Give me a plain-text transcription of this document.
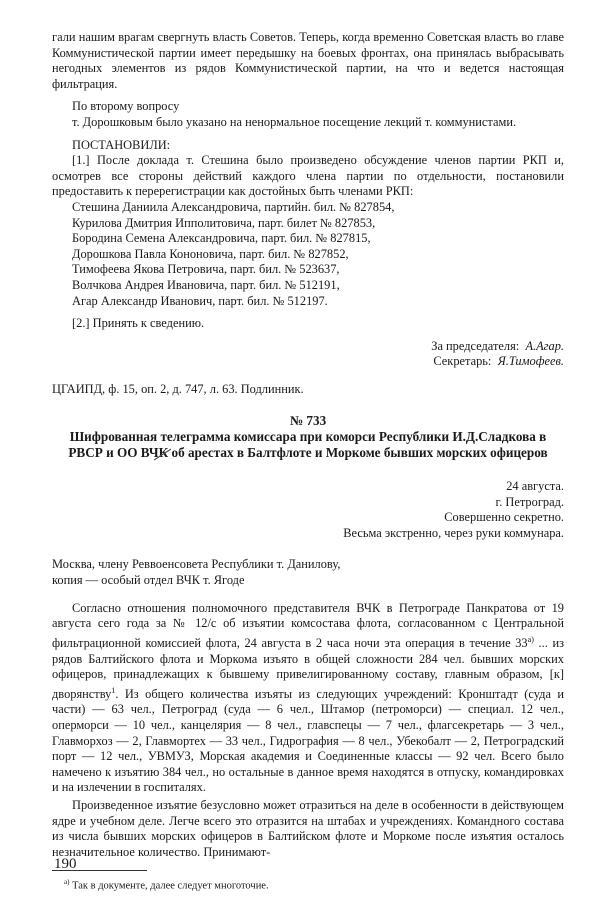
гали нашим врагам свергнуть власть Советов. Теперь, когда временно Советская власть во главе Коммунистической партии имеет передышку на боевых фронтах, она принялась выбрасывать негодных элементов из рядов Коммунистической партии, на что и ведется настоящая фильтрация.

По второму вопросу

т. Дорошковым было указано на ненормальное посещение лекций т. коммунистами.

ПОСТАНОВИЛИ:

[1.] После доклада т. Стешина было произведено обсуждение членов партии РКП и, осмотрев все стороны действий каждого члена партии по отдельности, постановили предоставить к перерегистрации как достойных быть членами РКП:

Стешина Даниила Александровича, партийн. бил. № 827854,

Курилова Дмитрия Ипполитовича, парт. билет № 827853,

Бородина Семена Александровича, парт. бил. № 827815,

Дорошкова Павла Кононовича, парт. бил. № 827852,

Тимофеева Якова Петровича, парт. бил. № 523637,

Волчкова Андрея Ивановича, парт. бил. № 512191,

Агар Александр Иванович, парт. бил. № 512197.

[2.] Принять к сведению.

За председателя: А.Агар.

Секретарь: Я.Тимофеев.

ЦГАИПД, ф. 15, оп. 2, д. 747, л. 63. Подлинник.

№ 733

Шифрованная телеграмма комиссара при коморси Республики И.Д.Сладкова в РВСР и ОО ВЧК об арестах в Балтфлоте и Моркоме бывших морских офицеров

24 августа.

г. Петроград.

Совершенно секретно.

Весьма экстренно, через руки коммунара.

Москва, члену Реввоенсовета Республики т. Данилову,

копия — особый отдел ВЧК т. Ягоде

Согласно отношения полномочного представителя ВЧК в Петрограде Панкратова от 19 августа сего года за № 12/с об изъятии комсостава флота, согласованном с Центральной фильтрационной комиссией флота, 24 августа в 2 часа ночи эта операция в течение $33^{а)}$ ... из рядов Балтийского флота и Моркома изъято в общей сложности 284 чел. бывших морских офицеров, принадлежащих к бывшему привелигированному составу, главным образом, [к] дворянству$^1$. Из общего количества изъяты из следующих учреждений: Кронштадт (суда и части) — 63 чел., Петроград (суда — 6 чел., Штамор (петроморси) — специал. 12 чел., оперморси — 10 чел., канцелярия — 8 чел., главспецы — 7 чел., флагсекретарь — 3 чел., Главморхоз — 2, Главмортех — 33 чел., Гидрография — 8 чел., Убекобалт — 2, Петроградский порт — 12 чел., УВМУЗ, Морская академия и Соединенные классы — 92 чел. Всего было намечено к изъятию 384 чел., но остальные в данное время находятся в отпуску, командировках и на излечении в госпиталях.

Произведенное изъятие безусловно может отразиться на деле в особенности в действующем ядре и учебном деле. Легче всего это отразится на штабах и учреждениях. Командного состава из числа бывших морских офицеров в Балтийском флоте и Моркоме после изъятия осталось незначительное количество. Принимают-

$^{а)}$ Так в документе, далее следует многоточие.

190
